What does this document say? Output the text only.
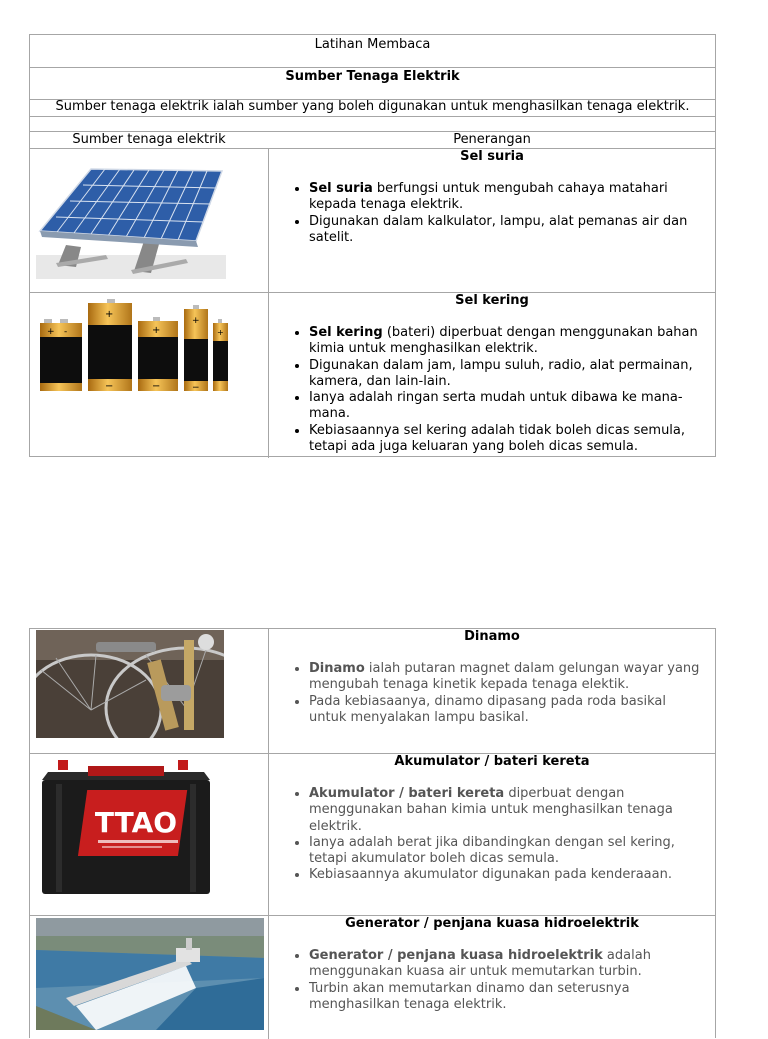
Latihan Membaca
Sumber Tenaga Elektrik
Sumber tenaga elektrik ialah sumber yang boleh digunakan untuk menghasilkan tenaga elektrik.
Sumber tenaga elektrik	Penerangan
Sel suria
• Sel suria berfungsi untuk mengubah cahaya matahari kepada tenaga elektrik.
• Digunakan dalam kalkulator, lampu, alat pemanas air dan satelit.
+ -
+
−
+
−
+
−
+
Sel kering
• Sel kering (bateri) diperbuat dengan menggunakan bahan kimia untuk menghasilkan elektrik.
• Digunakan dalam jam, lampu suluh, radio, alat permainan, kamera, dan lain-lain.
• Ianya adalah ringan serta mudah untuk dibawa ke mana-mana.
• Kebiasaannya sel kering adalah tidak boleh dicas semula, tetapi ada juga keluaran yang boleh dicas semula.
Dinamo
• Dinamo ialah putaran magnet dalam gelungan wayar yang mengubah tenaga kinetik kepada tenaga elektik.
• Pada kebiasaanya, dinamo dipasang pada roda basikal untuk menyalakan lampu basikal.
TTAO
Akumulator / bateri kereta
• Akumulator / bateri kereta diperbuat dengan menggunakan bahan kimia untuk menghasilkan tenaga elektrik.
• Ianya adalah berat jika dibandingkan dengan sel kering, tetapi akumulator boleh dicas semula.
• Kebiasaannya akumulator digunakan pada kenderaaan.
Generator / penjana kuasa hidroelektrik
• Generator / penjana kuasa hidroelektrik adalah menggunakan kuasa air untuk memutarkan turbin.
• Turbin akan memutarkan dinamo dan seterusnya menghasilkan tenaga elektrik.
